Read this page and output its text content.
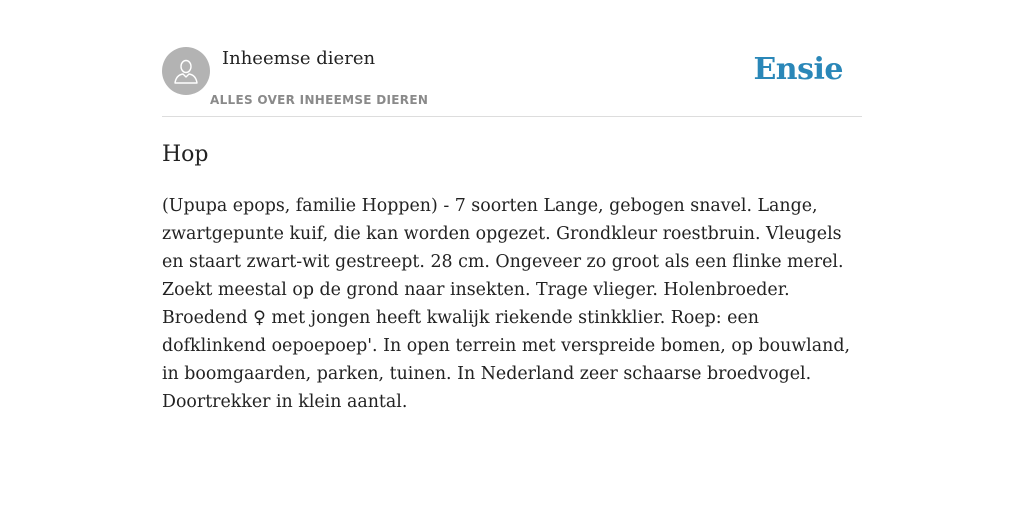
Inheemse dieren
ALLES OVER INHEEMSE DIEREN
Ensie
Hop

(Upupa epops, familie Hoppen) - 7 soorten Lange, gebogen snavel. Lange, zwartgepunte kuif, die kan worden opgezet. Grondkleur roestbruin. Vleugels en staart zwart-wit gestreept. 28 cm. Ongeveer zo groot als een flinke merel. Zoekt meestal op de grond naar insekten. Trage vlieger. Holenbroeder. Broedend ♀ met jongen heeft kwalijk riekende stinkklier. Roep: een dofklinkend oepoepoep'. In open terrein met verspreide bomen, op bouwland, in boomgaarden, parken, tuinen. In Nederland zeer schaarse broedvogel. Doortrekker in klein aantal.
